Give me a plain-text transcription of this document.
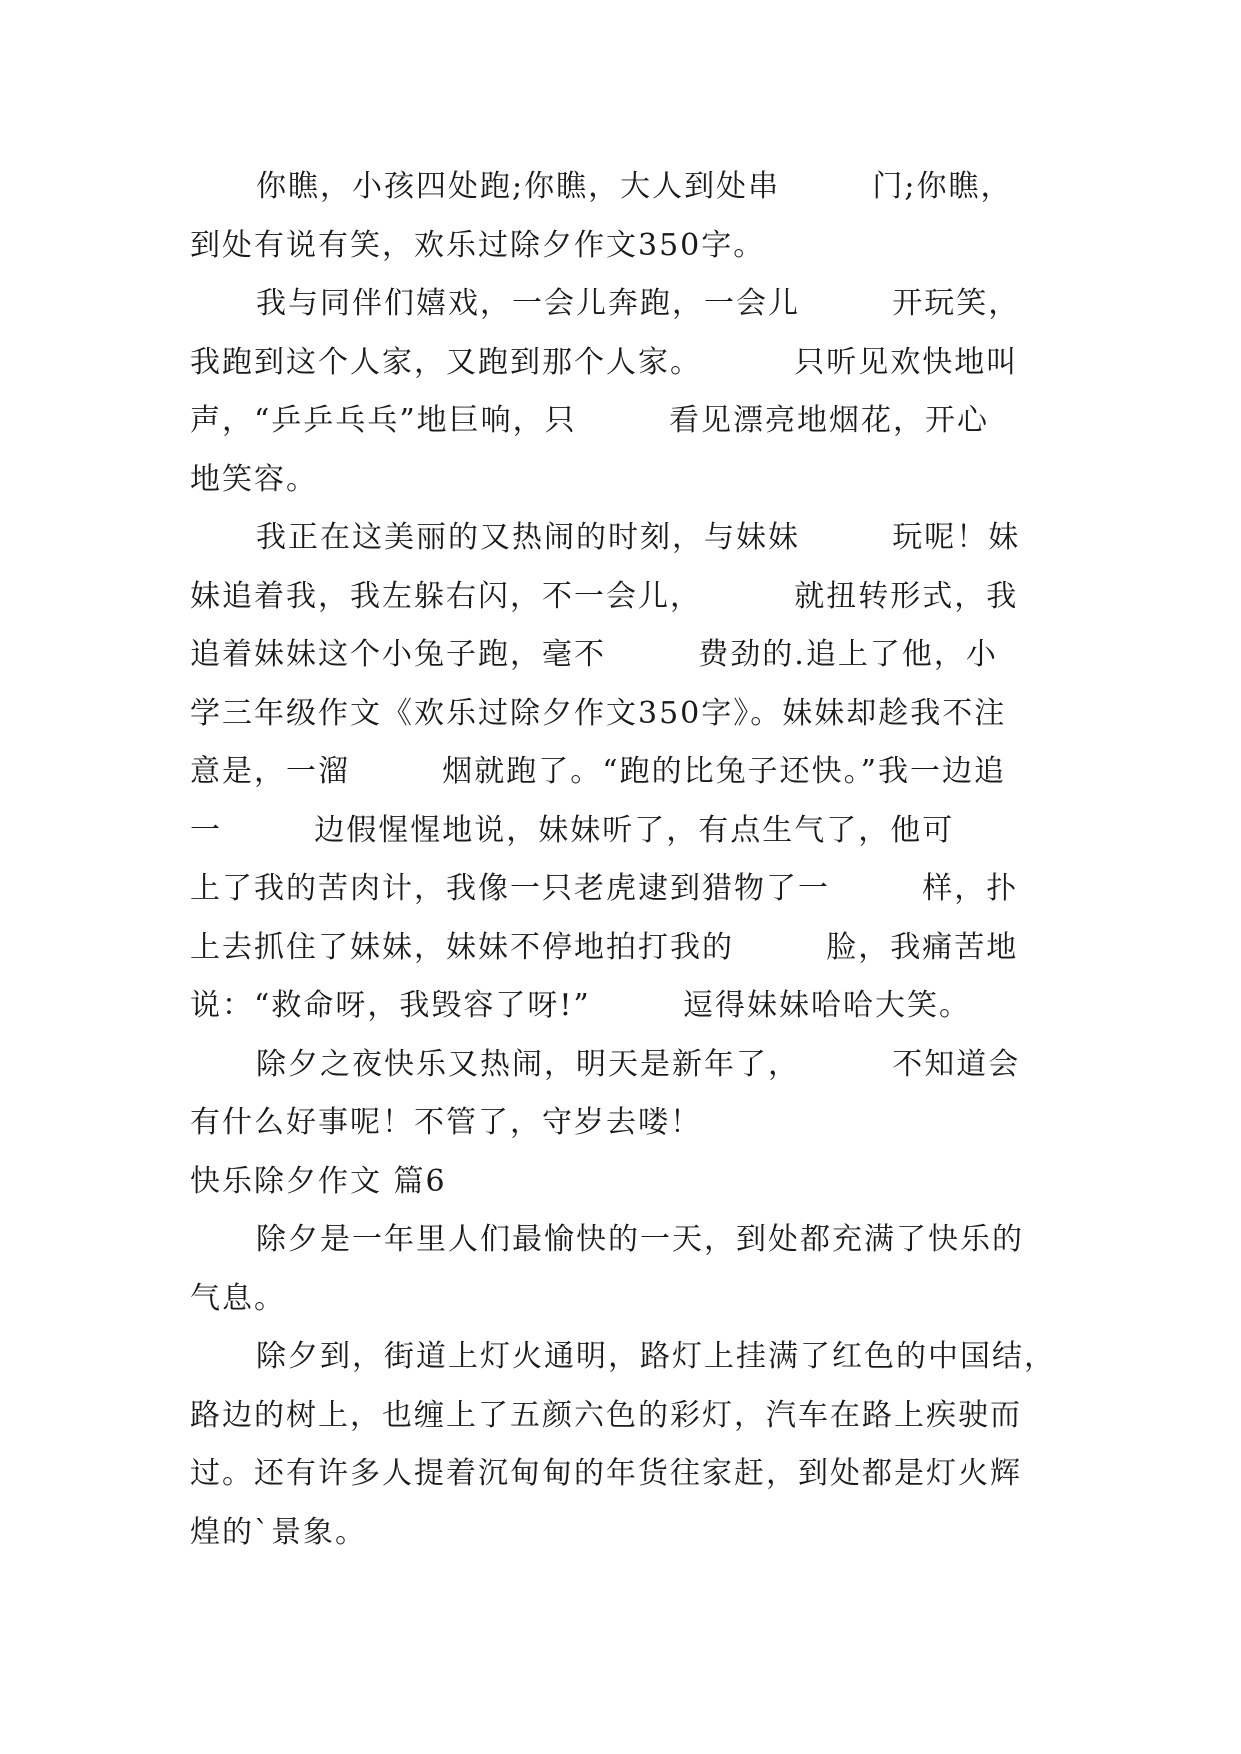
你瞧，小孩四处跑;你瞧，大人到处串        门;你瞧，
到处有说有笑，欢乐过除夕作文350字。
我与同伴们嬉戏，一会儿奔跑，一会儿        开玩笑，
我跑到这个人家，又跑到那个人家。        只听见欢快地叫
声，“乒乒乓乓”地巨响，只        看见漂亮地烟花，开心
地笑容。
我正在这美丽的又热闹的时刻，与妹妹        玩呢！妹
妹追着我，我左躲右闪，不一会儿，        就扭转形式，我
追着妹妹这个小兔子跑，毫不        费劲的.追上了他，小
学三年级作文《欢乐过除夕作文350字》。妹妹却趁我不注
意是，一溜        烟就跑了。“跑的比兔子还快。”我一边追
一        边假惺惺地说，妹妹听了，有点生气了，他可
上了我的苦肉计，我像一只老虎逮到猎物了一        样，扑
上去抓住了妹妹，妹妹不停地拍打我的        脸，我痛苦地
说：“救命呀，我毁容了呀!”        逗得妹妹哈哈大笑。
除夕之夜快乐又热闹，明天是新年了，        不知道会
有什么好事呢！不管了，守岁去喽！
快乐除夕作文 篇6
除夕是一年里人们最愉快的一天，到处都充满了快乐的
气息。
除夕到，街道上灯火通明，路灯上挂满了红色的中国结，
路边的树上，也缠上了五颜六色的彩灯，汽车在路上疾驶而
过。还有许多人提着沉甸甸的年货往家赶，到处都是灯火辉
煌的`景象。
